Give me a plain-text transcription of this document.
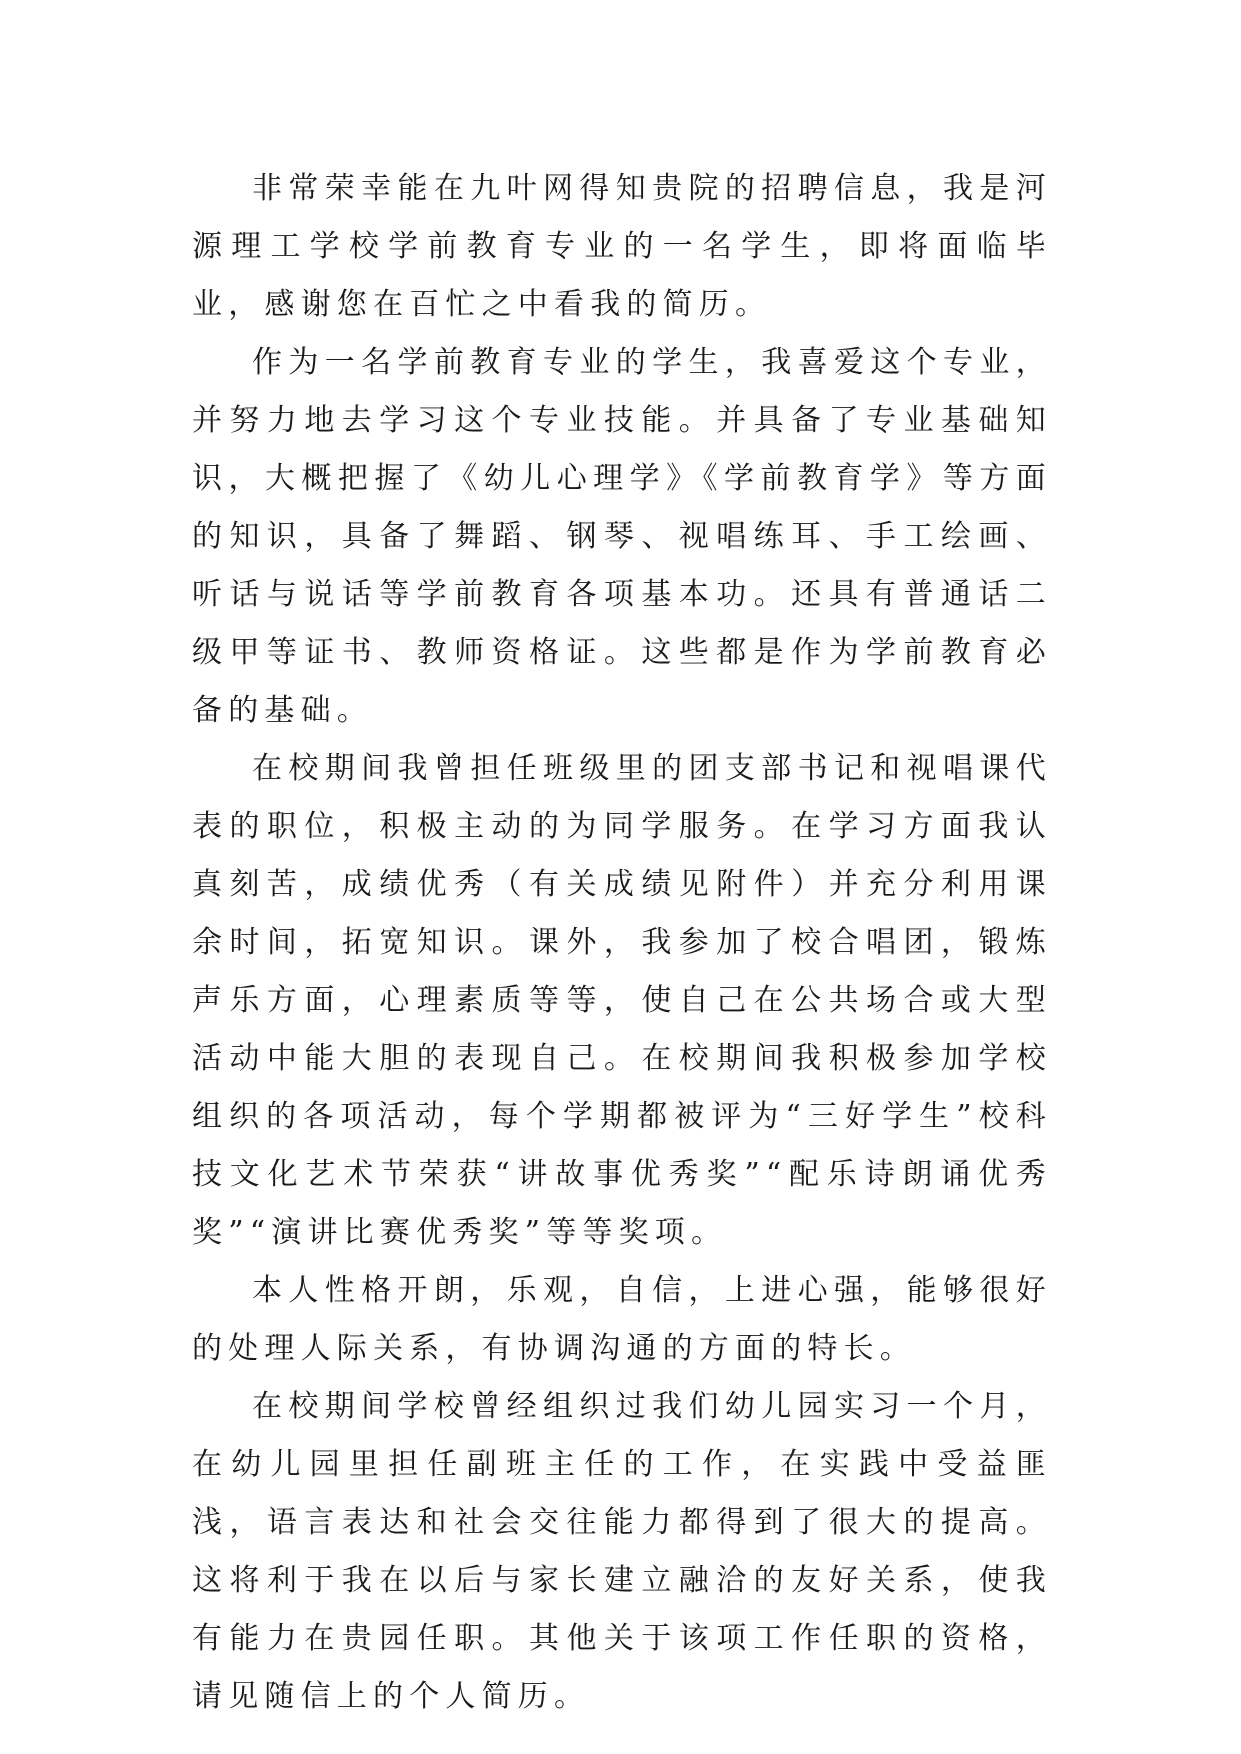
非常荣幸能在九叶网得知贵院的招聘信息，我是河源理工学校学前教育专业的一名学生，即将面临毕业，感谢您在百忙之中看我的简历。

作为一名学前教育专业的学生，我喜爱这个专业，并努力地去学习这个专业技能。并具备了专业基础知识，大概把握了《幼儿心理学》《学前教育学》等方面的知识，具备了舞蹈、钢琴、视唱练耳、手工绘画、听话与说话等学前教育各项基本功。还具有普通话二级甲等证书、教师资格证。这些都是作为学前教育必备的基础。

在校期间我曾担任班级里的团支部书记和视唱课代表的职位，积极主动的为同学服务。在学习方面我认真刻苦，成绩优秀（有关成绩见附件）并充分利用课余时间，拓宽知识。课外，我参加了校合唱团，锻炼声乐方面，心理素质等等，使自己在公共场合或大型活动中能大胆的表现自己。在校期间我积极参加学校组织的各项活动，每个学期都被评为“三好学生”校科技文化艺术节荣获“讲故事优秀奖”“配乐诗朗诵优秀奖”“演讲比赛优秀奖”等等奖项。

本人性格开朗，乐观，自信，上进心强，能够很好的处理人际关系，有协调沟通的方面的特长。

在校期间学校曾经组织过我们幼儿园实习一个月，在幼儿园里担任副班主任的工作，在实践中受益匪浅，语言表达和社会交往能力都得到了很大的提高。这将利于我在以后与家长建立融洽的友好关系，使我有能力在贵园任职。其他关于该项工作任职的资格，请见随信上的个人简历。
